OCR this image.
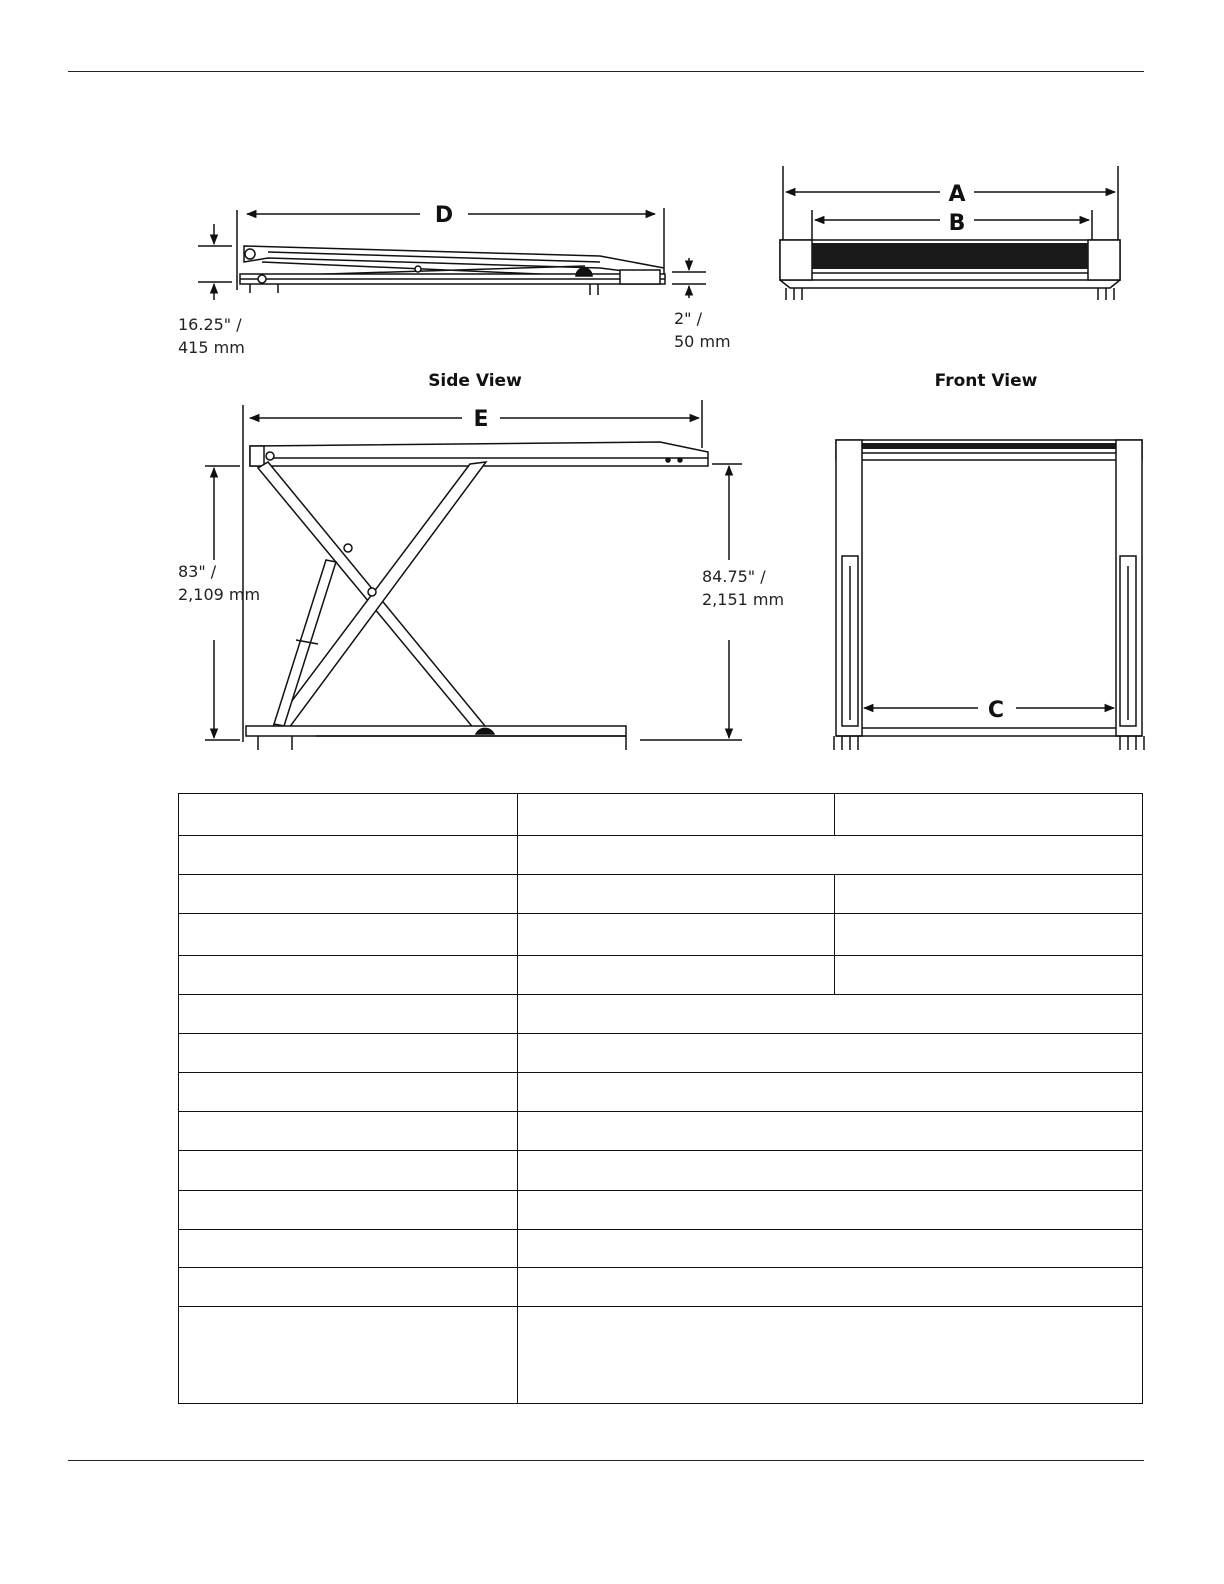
D
16.25" /
415 mm
2" /
50 mm
Side View
A
B
Front View
E
83" /
2,109 mm
84.75" /
2,151 mm
C
